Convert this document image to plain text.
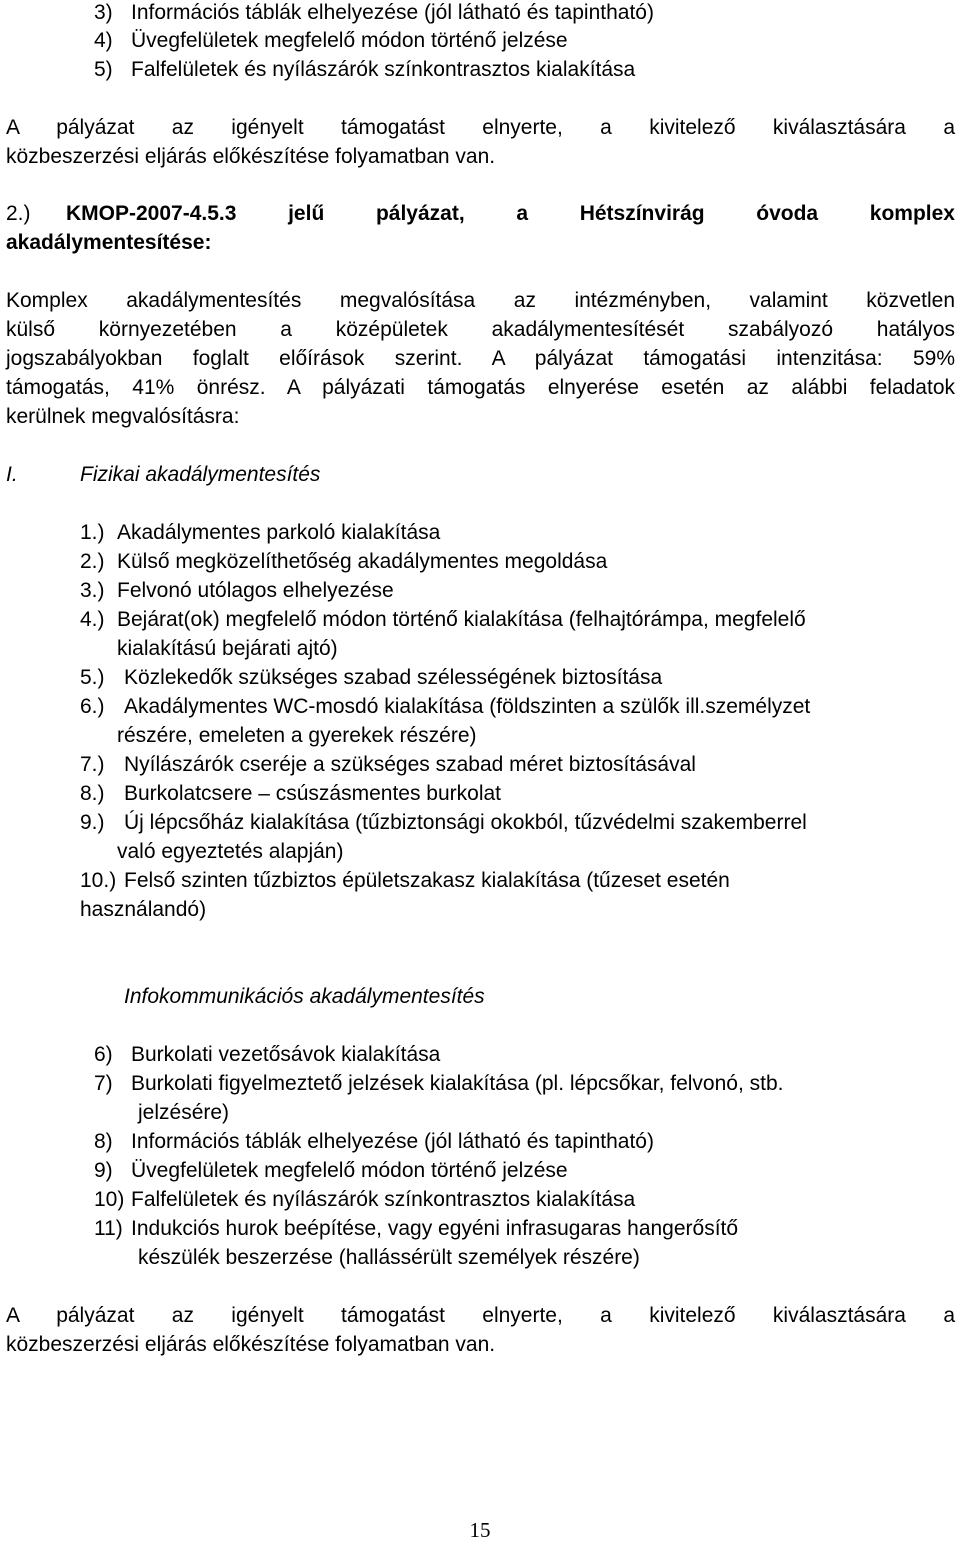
3) Információs táblák elhelyezése (jól látható és tapintható)
4) Üvegfelületek megfelelő módon történő jelzése
5) Falfelületek és nyílászárók színkontrasztos kialakítása
A pályázat az igényelt támogatást elnyerte, a kivitelező kiválasztására a
közbeszerzési eljárás előkészítése folyamatban van.
2.) KMOP-2007-4.5.3 jelű pályázat, a Hétszínvirág óvoda komplex
akadálymentesítése:
Komplex akadálymentesítés megvalósítása az intézményben, valamint közvetlen
külső környezetében a középületek akadálymentesítését szabályozó hatályos
jogszabályokban foglalt előírások szerint. A pályázat támogatási intenzitása: 59%
támogatás, 41% önrész. A pályázati támogatás elnyerése esetén az alábbi feladatok
kerülnek megvalósításra:
I.	Fizikai akadálymentesítés
1.) Akadálymentes parkoló kialakítása
2.) Külső megközelíthetőség akadálymentes megoldása
3.) Felvonó utólagos elhelyezése
4.) Bejárat(ok) megfelelő módon történő kialakítása (felhajtórámpa, megfelelő
kialakítású bejárati ajtó)
5.) Közlekedők szükséges szabad szélességének biztosítása
6.) Akadálymentes WC-mosdó kialakítása (földszinten a szülők ill.személyzet
részére, emeleten a gyerekek részére)
7.) Nyílászárók cseréje a szükséges szabad méret biztosításával
8.) Burkolatcsere – csúszásmentes burkolat
9.) Új lépcsőház kialakítása (tűzbiztonsági okokból, tűzvédelmi szakemberrel
való egyeztetés alapján)
10.) Felső szinten tűzbiztos épületszakasz kialakítása (tűzeset esetén
használandó)
Infokommunikációs akadálymentesítés
6) Burkolati vezetősávok kialakítása
7) Burkolati figyelmeztető jelzések kialakítása (pl. lépcsőkar, felvonó, stb.
jelzésére)
8) Információs táblák elhelyezése (jól látható és tapintható)
9) Üvegfelületek megfelelő módon történő jelzése
10) Falfelületek és nyílászárók színkontrasztos kialakítása
11) Indukciós hurok beépítése, vagy egyéni infrasugaras hangerősítő
készülék beszerzése (hallássérült személyek részére)
A pályázat az igényelt támogatást elnyerte, a kivitelező kiválasztására a
közbeszerzési eljárás előkészítése folyamatban van.
15
